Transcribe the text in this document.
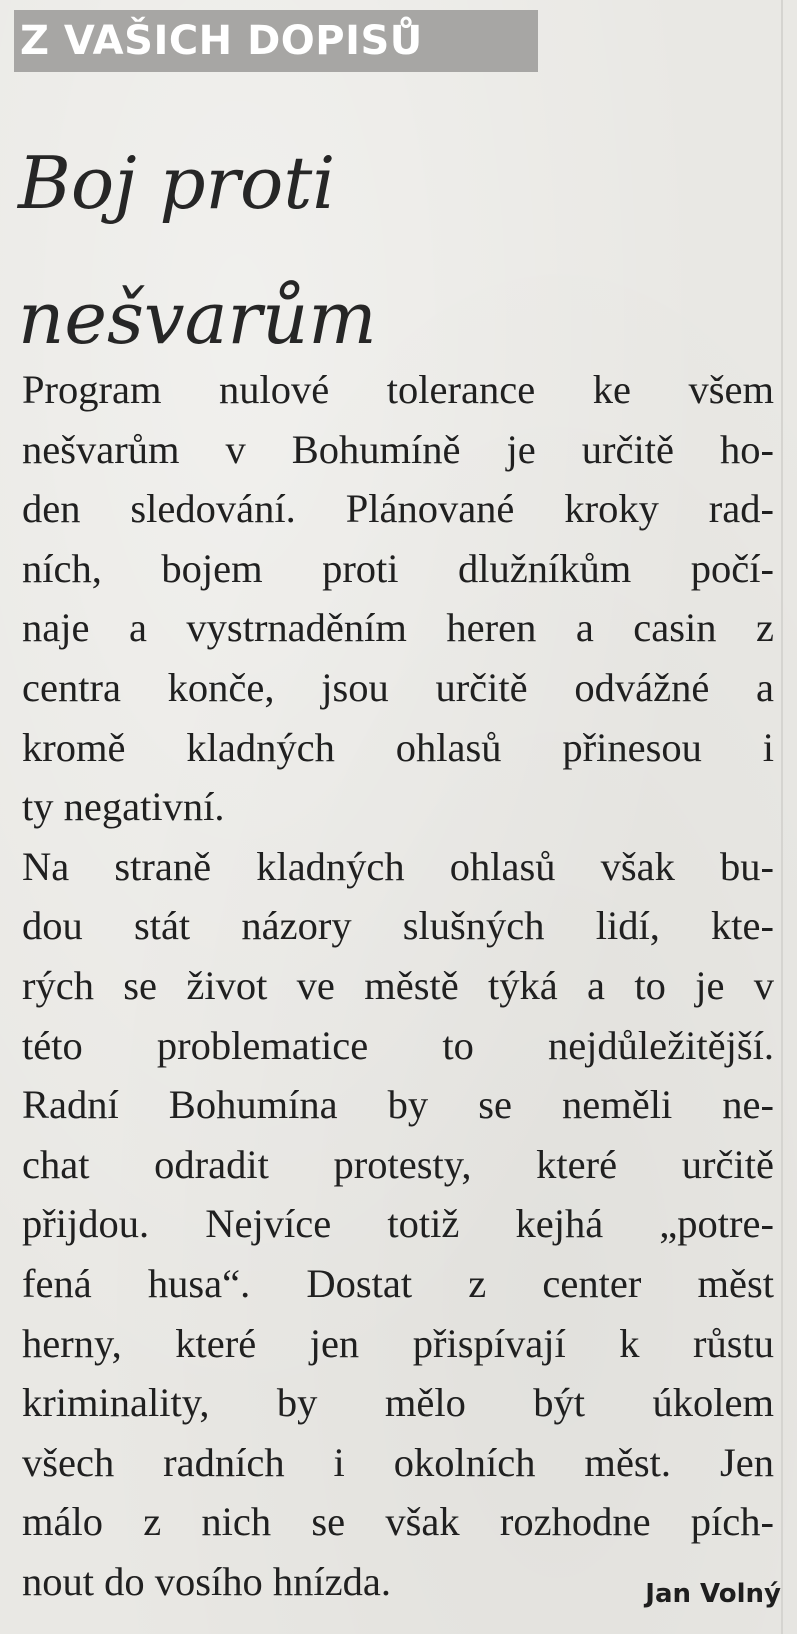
Z VAŠICH DOPISŮ
Boj proti
nešvarům
Program nulové tolerance ke všem
nešvarům v Bohumíně je určitě ho-
den sledování. Plánované kroky rad-
ních, bojem proti dlužníkům počí-
naje a vystrnaděním heren a casin z
centra konče, jsou určitě odvážné a
kromě kladných ohlasů přinesou i
ty negativní.
Na straně kladných ohlasů však bu-
dou stát názory slušných lidí, kte-
rých se život ve městě týká a to je v
této problematice to nejdůležitější.
Radní Bohumína by se neměli ne-
chat odradit protesty, které určitě
přijdou. Nejvíce totiž kejhá „potre-
fená husa“. Dostat z center měst
herny, které jen přispívají k růstu
kriminality, by mělo být úkolem
všech radních i okolních měst. Jen
málo z nich se však rozhodne pích-
nout do vosího hnízda.	Jan Volný
